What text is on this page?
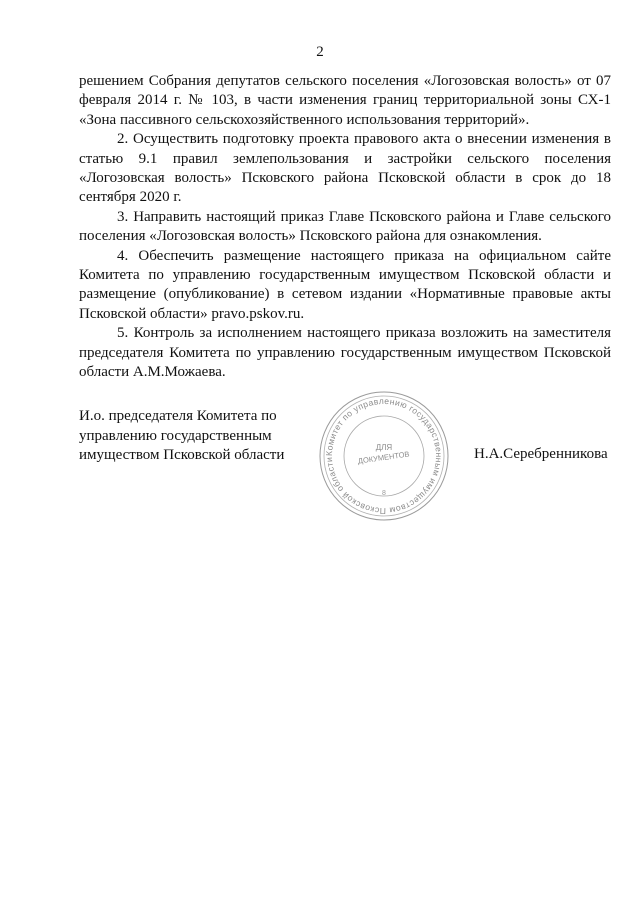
2

решением Собрания депутатов сельского поселения «Логозовская волость» от 07 февраля 2014 г. № 103, в части изменения границ территориальной зоны СХ-1 «Зона пассивного сельскохозяйственного использования территорий».

2. Осуществить подготовку проекта правового акта о внесении изменения в статью 9.1 правил землепользования и застройки сельского поселения «Логозовская волость» Псковского района Псковской области в срок до 18 сентября 2020 г.

3. Направить настоящий приказ Главе Псковского района и Главе сельского поселения «Логозовская волость» Псковского района для ознакомления.

4. Обеспечить размещение настоящего приказа на официальном сайте Комитета по управлению государственным имуществом Псковской области и размещение (опубликование) в сетевом издании «Нормативные правовые акты Псковской области» pravo.pskov.ru.

5. Контроль за исполнением настоящего приказа возложить на заместителя председателя Комитета по управлению государственным имуществом Псковской области А.М.Можаева.

И.о. председателя Комитета по
управлению государственным
имуществом Псковской области	Комитет по управлению государственным имуществом Псковской области
ДЛЯ
ДОКУМЕНТОВ
8
Н.А.Серебренникова
